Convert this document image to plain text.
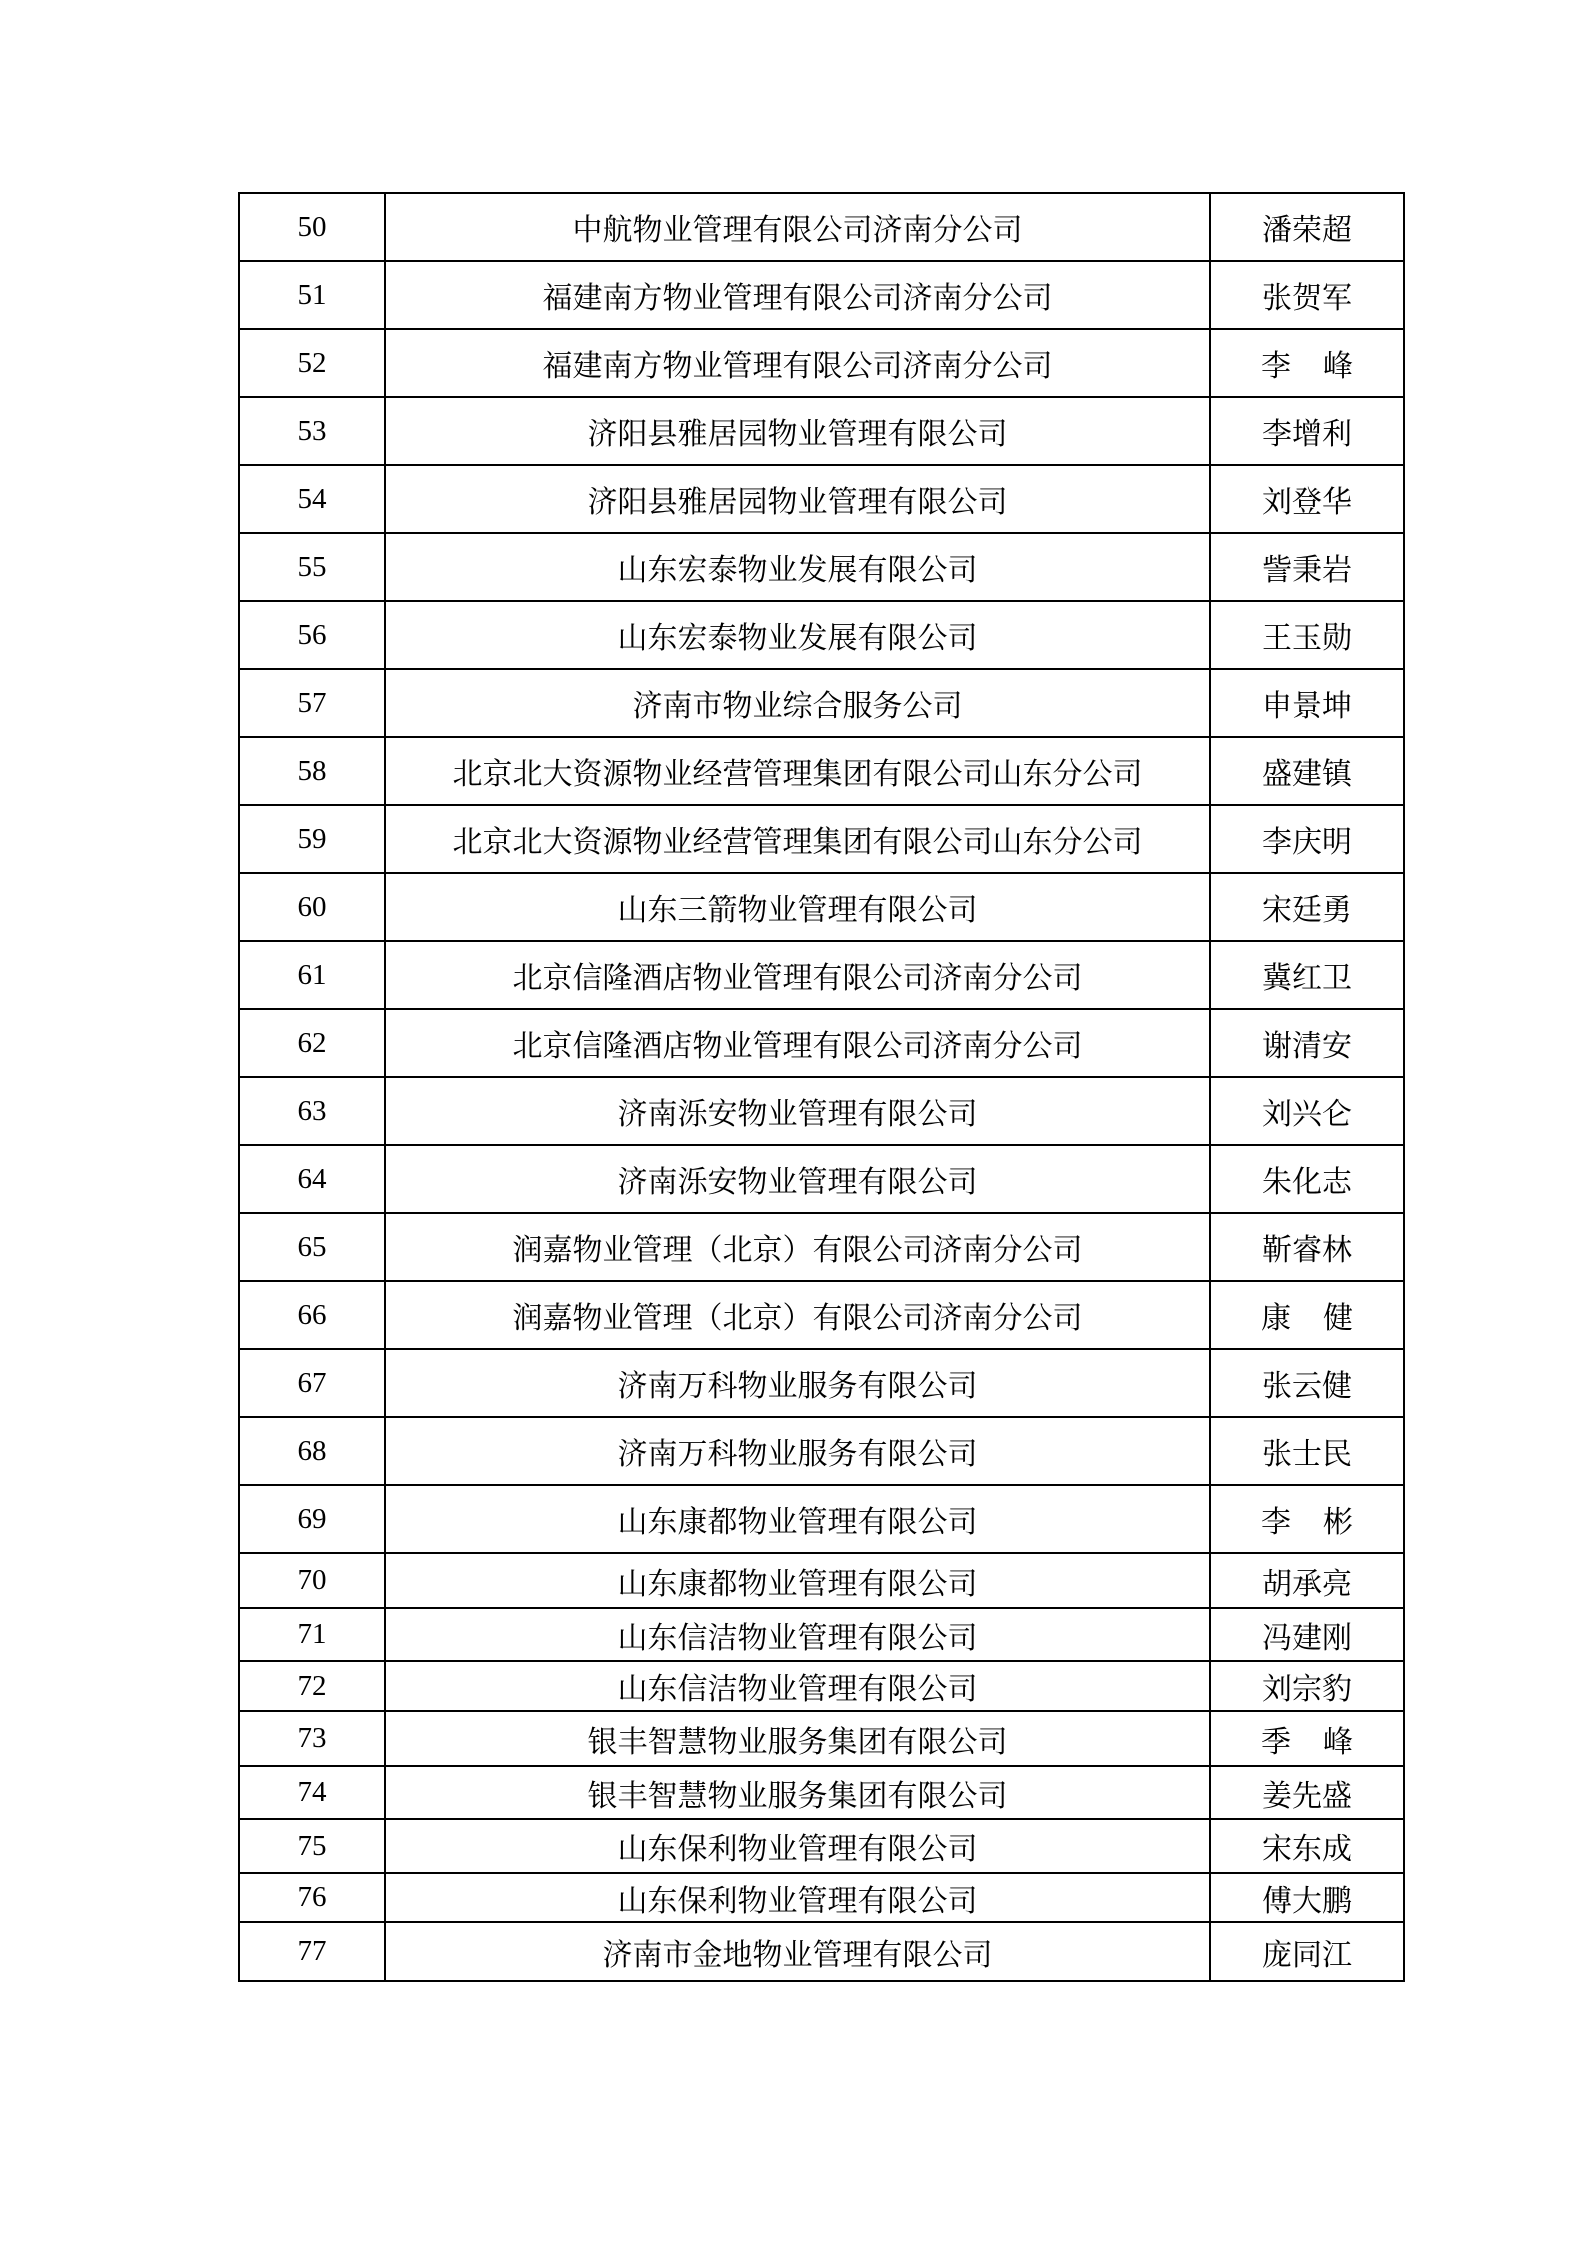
50	中航物业管理有限公司济南分公司	潘荣超
51	福建南方物业管理有限公司济南分公司	张贺军
52	福建南方物业管理有限公司济南分公司	李 峰

53	济阳县雅居园物业管理有限公司	李增利
54	济阳县雅居园物业管理有限公司	刘登华
55	山东宏泰物业发展有限公司	訾秉岩
56	山东宏泰物业发展有限公司	王玉勋
57	济南市物业综合服务公司	申景坤
58	北京北大资源物业经营管理集团有限公司山东分公司	盛建镇
59	北京北大资源物业经营管理集团有限公司山东分公司	李庆明
60	山东三箭物业管理有限公司	宋廷勇
61	北京信隆酒店物业管理有限公司济南分公司	冀红卫
62	北京信隆酒店物业管理有限公司济南分公司	谢清安
63	济南泺安物业管理有限公司	刘兴仑
64	济南泺安物业管理有限公司	朱化志
65	润嘉物业管理（北京）有限公司济南分公司	靳睿林
66	润嘉物业管理（北京）有限公司济南分公司	康 健

67	济南万科物业服务有限公司	张云健
68	济南万科物业服务有限公司	张士民
69	山东康都物业管理有限公司	李 彬

70	山东康都物业管理有限公司	胡承亮
71	山东信洁物业管理有限公司	冯建刚
72	山东信洁物业管理有限公司	刘宗豹
73	银丰智慧物业服务集团有限公司	季 峰

74	银丰智慧物业服务集团有限公司	姜先盛
75	山东保利物业管理有限公司	宋东成
76	山东保利物业管理有限公司	傅大鹏
77	济南市金地物业管理有限公司	庞同江
